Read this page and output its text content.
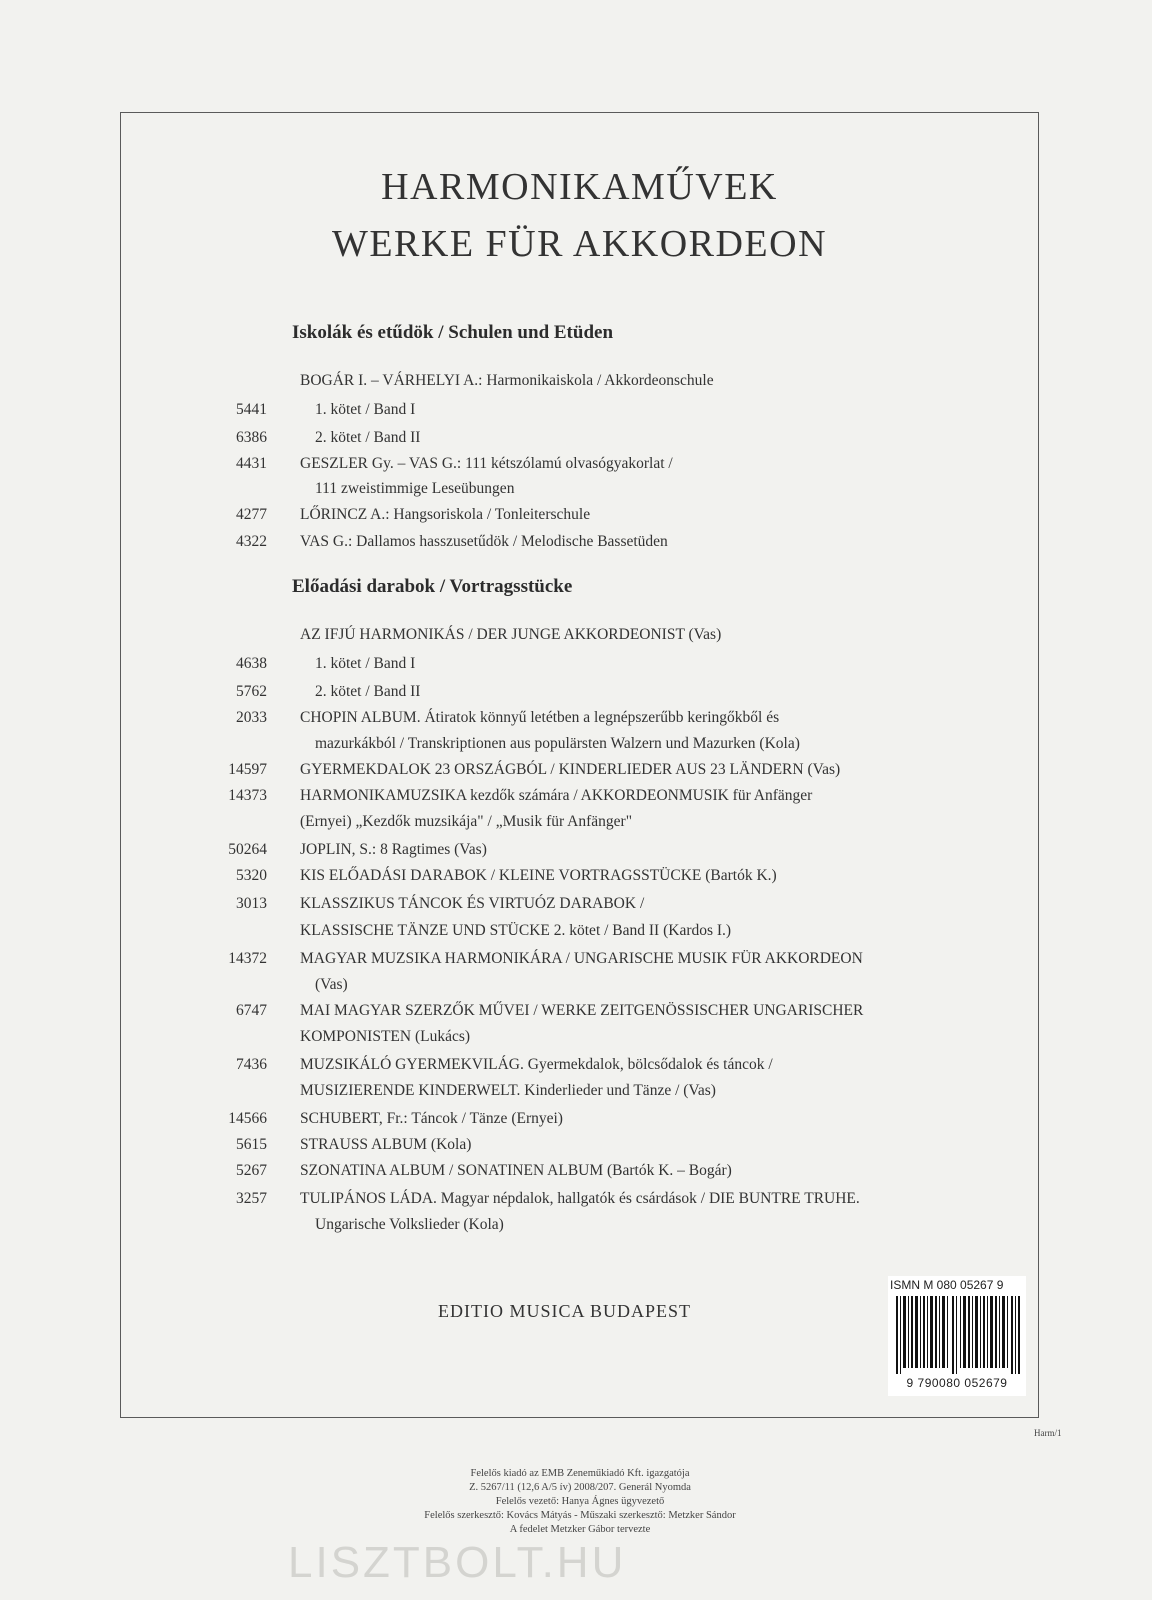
HARMONIKAMŰVEK
WERKE FÜR AKKORDEON
Iskolák és etűdök / Schulen und Etüden
BOGÁR I. – VÁRHELYI A.: Harmonikaiskola / Akkordeonschule
5441	1. kötet / Band I
6386	2. kötet / Band II
4431 GESZLER Gy. – VAS G.: 111 kétszólamú olvasógyakorlat /
111 zweistimmige Leseübungen
4277 LŐRINCZ A.: Hangsoriskola / Tonleiterschule
4322 VAS G.: Dallamos hasszusetűdök / Melodische Bassetüden
Előadási darabok / Vortragsstücke
AZ IFJÚ HARMONIKÁS / DER JUNGE AKKORDEONIST (Vas)
4638	1. kötet / Band I
5762	2. kötet / Band II
2033 CHOPIN ALBUM. Átiratok könnyű letétben a legnépszerűbb keringőkből és
mazurkákból / Transkriptionen aus populärsten Walzern und Mazurken (Kola)
14597 GYERMEKDALOK 23 ORSZÁGBÓL / KINDERLIEDER AUS 23 LÄNDERN (Vas)
14373 HARMONIKAMUZSIKA kezdők számára / AKKORDEONMUSIK für Anfänger
(Ernyei) „Kezdők muzsikája" / „Musik für Anfänger"
50264 JOPLIN, S.: 8 Ragtimes (Vas)
5320 KIS ELŐADÁSI DARABOK / KLEINE VORTRAGSSTÜCKE (Bartók K.)
3013 KLASSZIKUS TÁNCOK ÉS VIRTUÓZ DARABOK /
KLASSISCHE TÄNZE UND STÜCKE 2. kötet / Band II (Kardos I.)
14372 MAGYAR MUZSIKA HARMONIKÁRA / UNGARISCHE MUSIK FÜR AKKORDEON
(Vas)
6747 MAI MAGYAR SZERZŐK MŰVEI / WERKE ZEITGENÖSSISCHER UNGARISCHER
KOMPONISTEN (Lukács)
7436 MUZSIKÁLÓ GYERMEKVILÁG. Gyermekdalok, bölcsődalok és táncok /
MUSIZIERENDE KINDERWELT. Kinderlieder und Tänze / (Vas)
14566 SCHUBERT, Fr.: Táncok / Tänze (Ernyei)
5615 STRAUSS ALBUM (Kola)
5267 SZONATINA ALBUM / SONATINEN ALBUM (Bartók K. – Bogár)
3257 TULIPÁNOS LÁDA. Magyar népdalok, hallgatók és csárdások / DIE BUNTRE TRUHE.
Ungarische Volkslieder (Kola)
ISMN M 080 05267 9
9 790080 052679
EDITIO MUSICA BUDAPEST
Harm/1
Felelős kiadó az EMB Zeneműkiadó Kft. igazgatója
Z. 5267/11 (12,6 A/5 ív) 2008/207. Generál Nyomda
Felelős vezető: Hanya Ágnes ügyvezető
Felelős szerkesztő: Kovács Mátyás - Műszaki szerkesztő: Metzker Sándor
A fedelet Metzker Gábor tervezte
LISZTBOLT.HU
